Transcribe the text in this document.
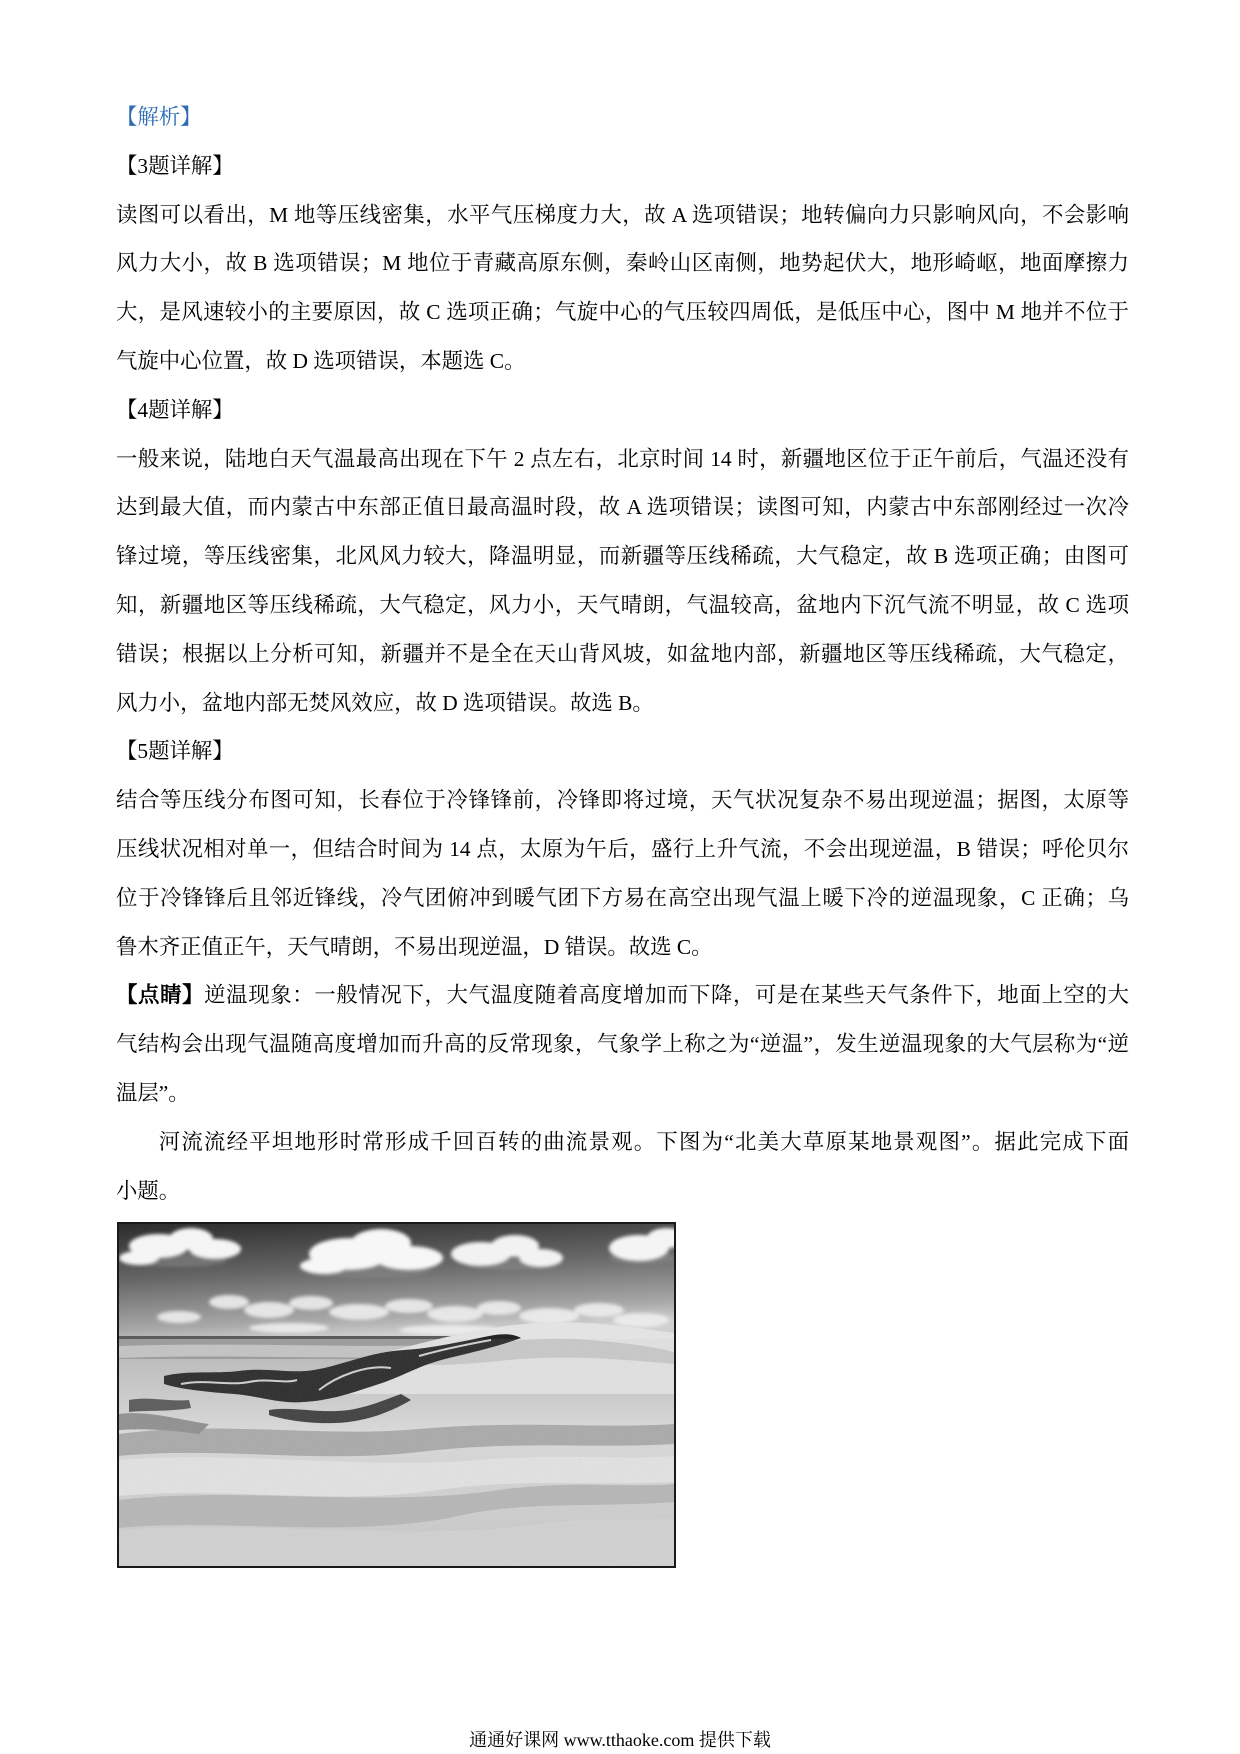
【解析】
【3题详解】
读图可以看出，M 地等压线密集，水平气压梯度力大，故 A 选项错误；地转偏向力只影响风向，不会影响
风力大小，故 B 选项错误；M 地位于青藏高原东侧，秦岭山区南侧，地势起伏大，地形崎岖，地面摩擦力
大，是风速较小的主要原因，故 C 选项正确；气旋中心的气压较四周低，是低压中心，图中 M 地并不位于
气旋中心位置，故 D 选项错误，本题选 C。
【4题详解】
一般来说，陆地白天气温最高出现在下午 2 点左右，北京时间 14 时，新疆地区位于正午前后，气温还没有
达到最大值，而内蒙古中东部正值日最高温时段，故 A 选项错误；读图可知，内蒙古中东部刚经过一次冷
锋过境，等压线密集，北风风力较大，降温明显，而新疆等压线稀疏，大气稳定，故 B 选项正确；由图可
知，新疆地区等压线稀疏，大气稳定，风力小，天气晴朗，气温较高，盆地内下沉气流不明显，故 C 选项
错误；根据以上分析可知，新疆并不是全在天山背风坡，如盆地内部，新疆地区等压线稀疏，大气稳定，
风力小，盆地内部无焚风效应，故 D 选项错误。故选 B。
【5题详解】
结合等压线分布图可知，长春位于冷锋锋前，冷锋即将过境，天气状况复杂不易出现逆温；据图，太原等
压线状况相对单一，但结合时间为 14 点，太原为午后，盛行上升气流，不会出现逆温，B 错误；呼伦贝尔
位于冷锋锋后且邻近锋线，冷气团俯冲到暖气团下方易在高空出现气温上暖下冷的逆温现象，C 正确；乌
鲁木齐正值正午，天气晴朗，不易出现逆温，D 错误。故选 C。
【点睛】逆温现象：一般情况下，大气温度随着高度增加而下降，可是在某些天气条件下，地面上空的大
气结构会出现气温随高度增加而升高的反常现象，气象学上称之为“逆温”，发生逆温现象的大气层称为“逆
温层”。
河流流经平坦地形时常形成千回百转的曲流景观。下图为“北美大草原某地景观图”。据此完成下面
小题。
通通好课网 www.tthaoke.com 提供下载
